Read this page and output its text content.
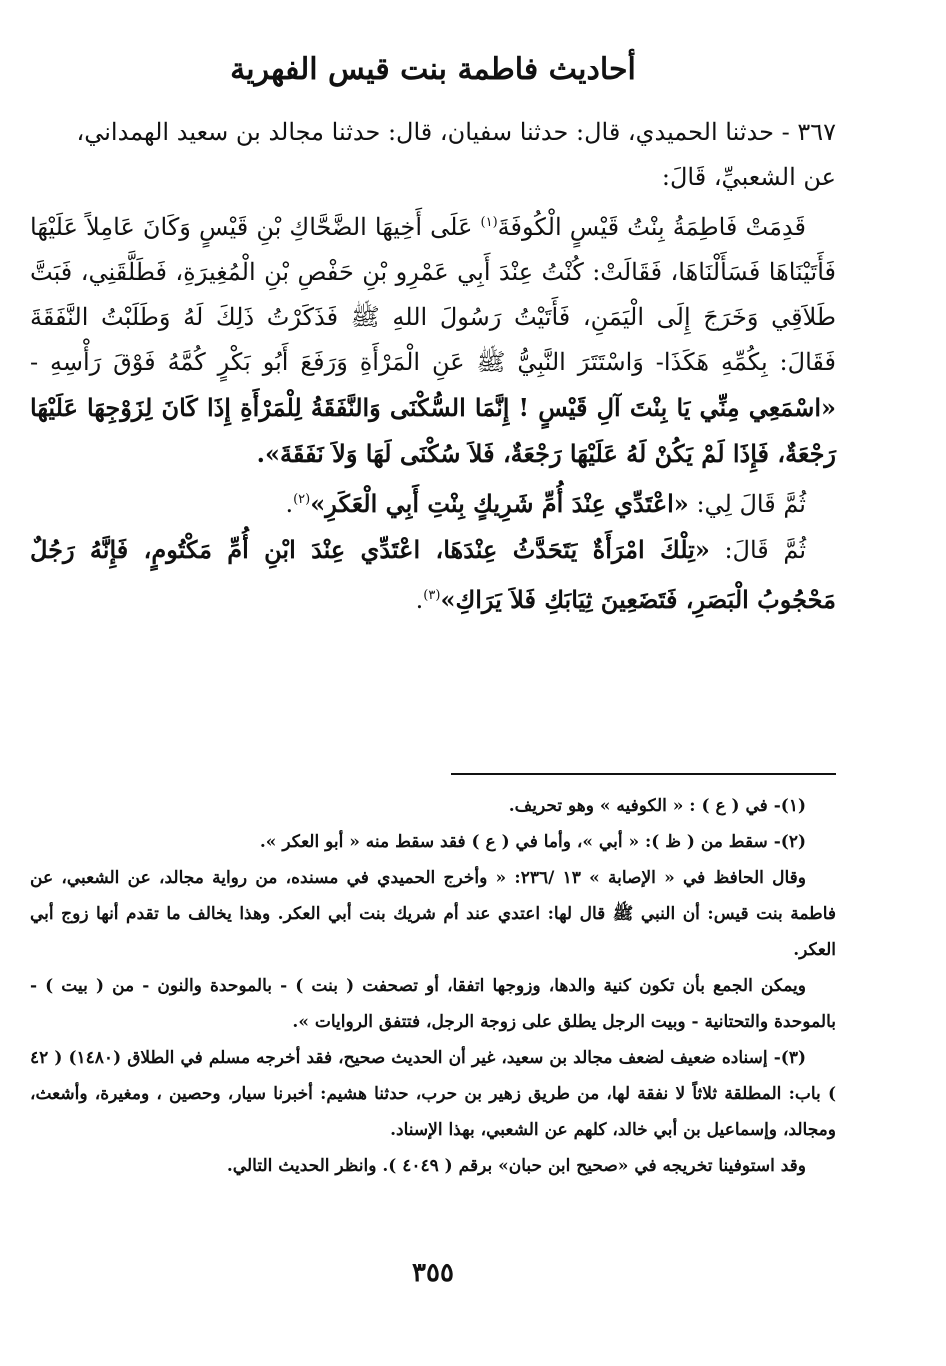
أحاديث فاطمة بنت قيس الفهرية

٣٦٧ - حدثنا الحميدي، قال: حدثنا سفيان، قال: حدثنا مجالد بن سعيد الهمداني،

عن الشعبيِّ، قَالَ:

قَدِمَتْ فَاطِمَةُ بِنْتُ قَيْسٍ الْكُوفَةَ$^{(١)}$ عَلَى أَخِيهَا الضَّحَّاكِ بْنِ قَيْسٍ وَكَانَ عَامِلاً عَلَيْهَا فَأَتَيْنَاهَا فَسَأَلْنَاهَا، فَقَالَتْ: كُنْتُ عِنْدَ أَبِي عَمْرِو بْنِ حَفْصِ بْنِ الْمُغِيرَةِ، فَطَلَّقَنِي، فَبَتَّ طَلاَقِي وَخَرَجَ إِلَى الْيَمَنِ، فَأَتَيْتُ رَسُولَ اللهِ ﷺ فَذَكَرْتُ ذَلِكَ لَهُ وَطَلَبْتُ النَّفَقَةَ فَقَالَ: بِكُمِّهِ هَكَذَا- وَاسْتَتَرَ النَّبِيُّ ﷺ عَنِ الْمَرْأَةِ وَرَفَعَ أَبُو بَكْرٍ كُمَّهُ فَوْقَ رَأْسِهِ - «اسْمَعِي مِنِّي يَا بِنْتَ آلِ قَيْسٍ ! إِنَّمَا السُّكْنَى وَالنَّفَقَةُ لِلْمَرْأَةِ إِذَا كَانَ لِزَوْجِهَا عَلَيْهَا رَجْعَةٌ، فَإِذَا لَمْ يَكُنْ لَهُ عَلَيْهَا رَجْعَةٌ، فَلاَ سُكْنَى لَهَا وَلاَ نَفَقَةَ».

ثُمَّ قَالَ لِي: «اعْتَدِّي عِنْدَ أُمِّ شَرِيكٍ بِنْتِ أَبِي الْعَكَرِ»$^{(٢)}$.

ثُمَّ قَالَ: «تِلْكَ امْرَأَةٌ يَتَحَدَّثُ عِنْدَهَا، اعْتَدِّي عِنْدَ ابْنِ أُمِّ مَكْتُومٍ، فَإِنَّهُ رَجُلٌ مَحْجُوبُ الْبَصَرِ، فَتَضَعِينَ ثِيَابَكِ فَلاَ يَرَاكِ»$^{(٣)}$.

(١)- في ( ع ) : « الكوفيه » وهو تحريف.

(٢)- سقط من ( ظ ): « أبي »، وأما في ( ع ) فقد سقط منه « أبو العكر ».

وقال الحافظ في « الإصابة » ١٣ /٢٣٦: « وأخرج الحميدي في مسنده، من رواية مجالد، عن الشعبي، عن فاطمة بنت قيس: أن النبي ﷺ قال لها: اعتدي عند أم شريك بنت أبي العكر. وهذا يخالف ما تقدم أنها زوج أبي العكر.

ويمكن الجمع بأن تكون كنية والدها، وزوجها اتفقا، أو تصحفت ( بنت ) - بالموحدة والنون - من ( بيت ) - بالموحدة والتحتانية - وبيت الرجل يطلق على زوجة الرجل، فتتفق الروايات ».

(٣)- إسناده ضعيف لضعف مجالد بن سعيد، غير أن الحديث صحيح، فقد أخرجه مسلم في الطلاق (١٤٨٠) ( ٤٢ ) باب: المطلقة ثلاثاً لا نفقة لها، من طريق زهير بن حرب، حدثنا هشيم: أخبرنا سيار، وحصين ، ومغيرة، وأشعث، ومجالد، وإسماعيل بن أبي خالد، كلهم عن الشعبي، بهذا الإسناد.

وقد استوفينا تخريجه في «صحيح ابن حبان» برقم ( ٤٠٤٩ ). وانظر الحديث التالي.

٣٥٥
